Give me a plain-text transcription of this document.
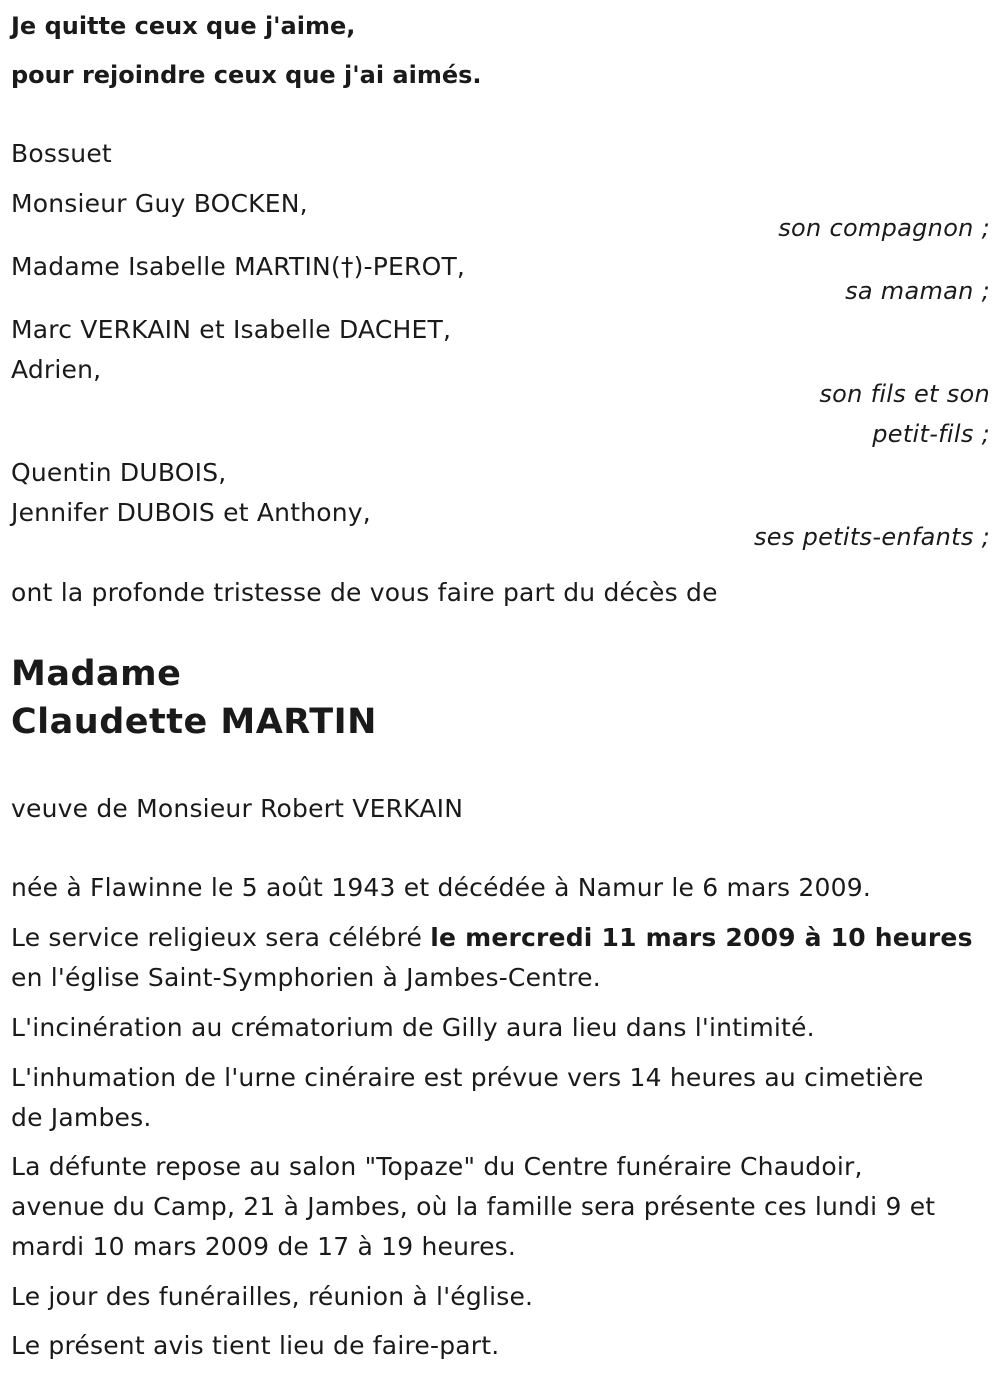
Je quitte ceux que j'aime,
pour rejoindre ceux que j'ai aimés.
Bossuet
Monsieur Guy BOCKEN,
son compagnon ;
Madame Isabelle MARTIN(†)-PEROT,
sa maman ;
Marc VERKAIN et Isabelle DACHET,
Adrien,
son fils et son
petit-fils ;
Quentin DUBOIS,
Jennifer DUBOIS et Anthony,
ses petits-enfants ;
ont la profonde tristesse de vous faire part du décès de
Madame
Claudette MARTIN
veuve de Monsieur Robert VERKAIN
née à Flawinne le 5 août 1943 et décédée à Namur le 6 mars 2009.
Le service religieux sera célébré le mercredi 11 mars 2009 à 10 heures
en l'église Saint-Symphorien à Jambes-Centre.
L'incinération au crématorium de Gilly aura lieu dans l'intimité.
L'inhumation de l'urne cinéraire est prévue vers 14 heures au cimetière
de Jambes.
La défunte repose au salon "Topaze" du Centre funéraire Chaudoir,
avenue du Camp, 21 à Jambes, où la famille sera présente ces lundi 9 et
mardi 10 mars 2009 de 17 à 19 heures.
Le jour des funérailles, réunion à l'église.
Le présent avis tient lieu de faire-part.
